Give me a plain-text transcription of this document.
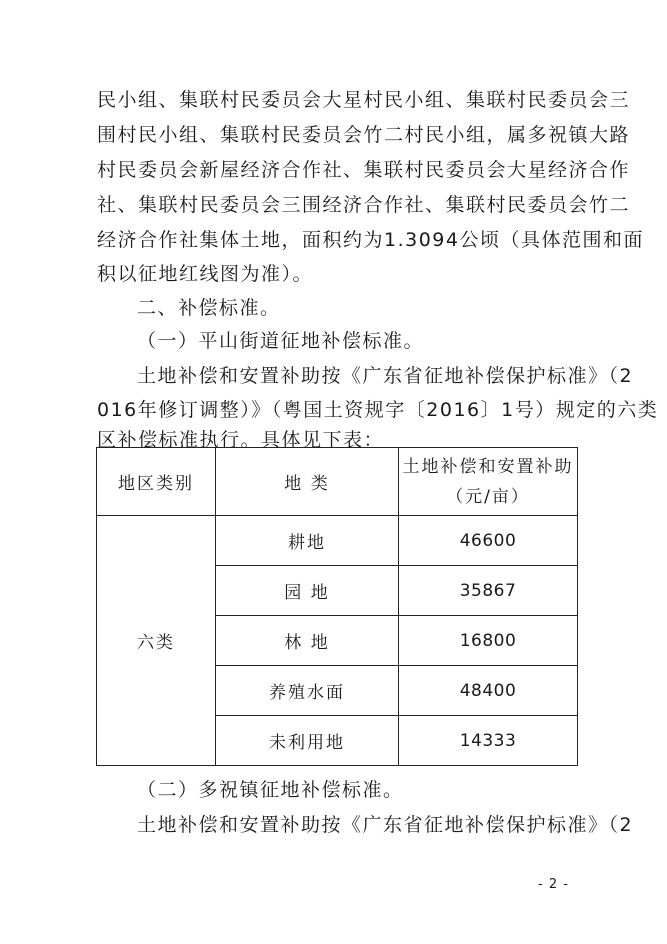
民小组、集联村民委员会大星村民小组、集联村民委员会三
围村民小组、集联村民委员会竹二村民小组，属多祝镇大路
村民委员会新屋经济合作社、集联村民委员会大星经济合作
社、集联村民委员会三围经济合作社、集联村民委员会竹二
经济合作社集体土地，面积约为1.3094公顷（具体范围和面
积以征地红线图为准）。
二、补偿标准。
（一）平山街道征地补偿标准。
土地补偿和安置补助按《广东省征地补偿保护标准》（2
016年修订调整）》（粤国土资规字〔2016〕1号）规定的六类
区补偿标准执行。具体见下表：
地区类别	地 类	土地补偿和安置补助
（元/亩）

六类	耕地	46600
	园 地	35867
	林 地	16800
	养殖水面	48400
	未利用地	14333
（二）多祝镇征地补偿标准。
土地补偿和安置补助按《广东省征地补偿保护标准》（2
- 2 -
